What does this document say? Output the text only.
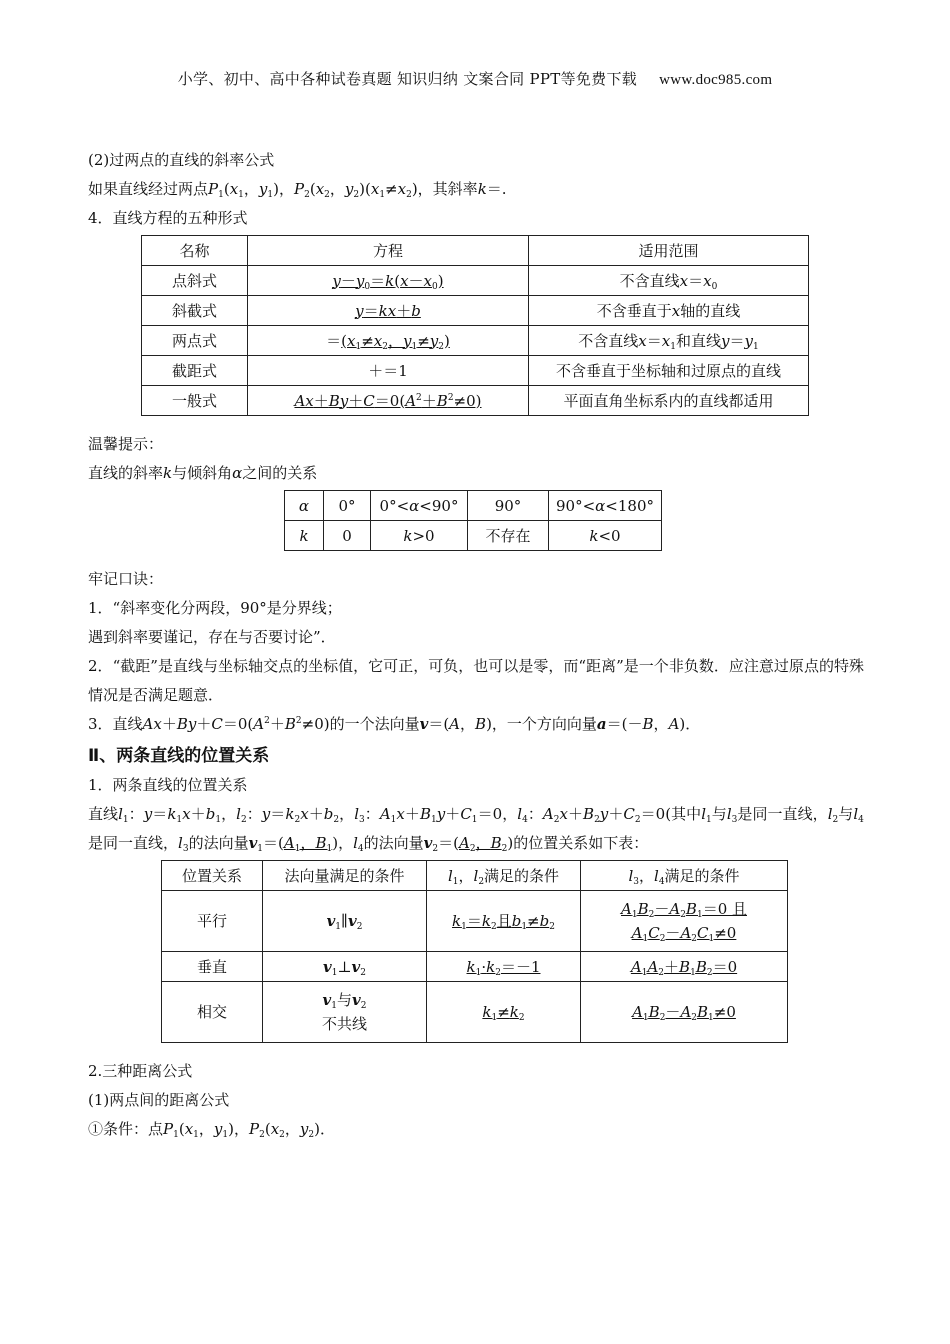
小学、初中、高中各种试卷真题 知识归纳 文案合同 PPT等免费下载 www.doc985.com
(2)过两点的直线的斜率公式
如果直线经过两点$P_1(x_1$，$y_1$)，$P_2(x_2$，$y_2)(x_1\ne x_2)$，其斜率k＝.
4．直线方程的五种形式
名称	方程	适用范围
点斜式	$y-y_0=k(x-x_0)$	不含直线$x=x_0$
斜截式	y＝kx＋b	不含垂直于x轴的直线
两点式	$=(x_1\ne x_2$，$y_1\ne y_2$)	不含直线$x=x_1$和直线$y=y_1$
截距式	＋＝1	不含垂直于坐标轴和过原点的直线
一般式	$Ax+By+C=0(A^2+B^2\ne 0)$	平面直角坐标系内的直线都适用
温馨提示：
直线的斜率k与倾斜角α之间的关系
α	0°	0°<α<90°	90°	90°<α<180°
k	0	k>0	不存在	k<0
牢记口诀：
1．“斜率变化分两段，90°是分界线；
遇到斜率要谨记，存在与否要讨论”．
2．“截距”是直线与坐标轴交点的坐标值，它可正，可负，也可以是零，而“距离”是一个非负数．应注意过原点的特殊情况是否满足题意．
3．直线$Ax+By+C=0(A^2+B^2\ne 0)$的一个法向量v＝(A，B)，一个方向向量a＝(－B，A)．
Ⅱ、两条直线的位置关系
1．两条直线的位置关系
直线$l_1$：$y=k_1x+b_1$，$l_2$：$y=k_2x+b_2$，$l_3$：$A_1x+B_1y+C_1=0$，$l_4$：$A_2x+B_2y+C_2=0$(其中$l_1$与$l_3$是同一直线，$l_2$与$l_4$是同一直线，$l_3$的法向量$v_1=(A_1$，$B_1$)，$l_4$的法向量$v_2=(A_2$，$B_2$)的位置关系如下表：
位置关系	法向量满足的条件	$l_1$，$l_2$满足的条件	$l_3$，$l_4$满足的条件
平行	$v_1\parallel v_2$	$k_1=k_2$且$b_1\ne b_2$	$A_1B_2-A_2B_1=0$ 且
$A_1C_2-A_2C_1\ne 0$

垂直	$v_1\perp v_2$	$k_1\cdot k_2=-1$	$A_1A_2+B_1B_2=0$
相交	$v_1$与$v_2$
不共线	$k_1\ne k_2$	$A_1B_2-A_2B_1\ne 0$
2.三种距离公式
(1)两点间的距离公式
①条件：点$P_1(x_1$，$y_1$)，$P_2(x_2$，$y_2$)．
